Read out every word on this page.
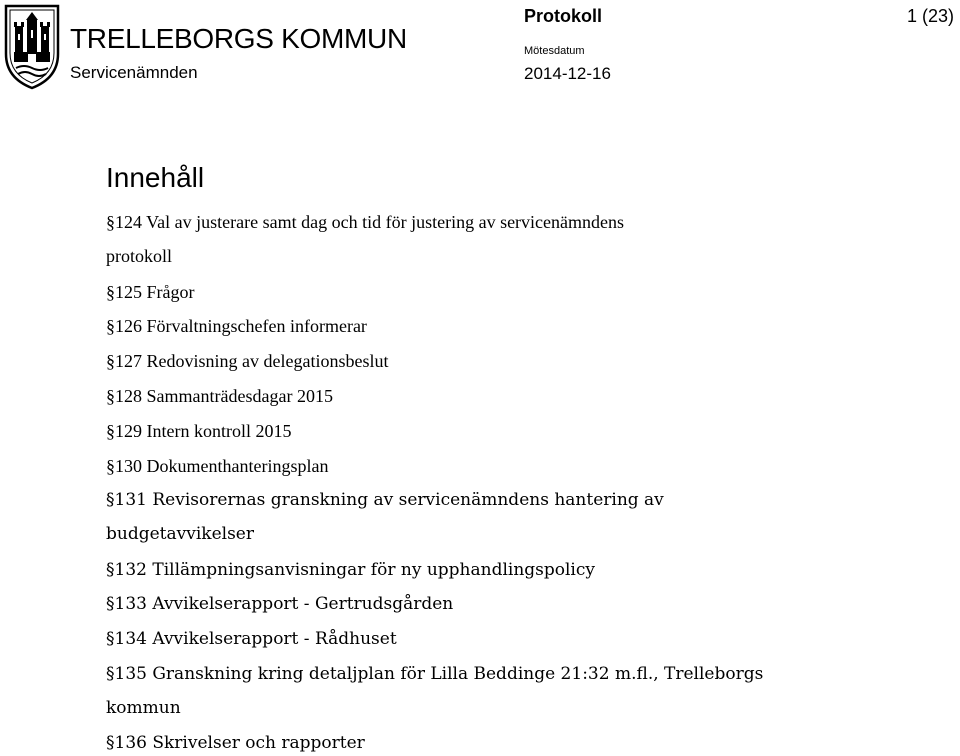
TRELLEBORGS KOMMUN
Servicenämnden
Protokoll	1 (23)
Mötesdatum
2014-12-16
Innehåll
§124 Val av justerare samt dag och tid för justering av servicenämndens
protokoll
§125 Frågor
§126 Förvaltningschefen informerar
§127 Redovisning av delegationsbeslut
§128 Sammanträdesdagar 2015
§129 Intern kontroll 2015
§130 Dokumenthanteringsplan
§131 Revisorernas granskning av servicenämndens hantering av
budgetavvikelser
§132 Tillämpningsanvisningar för ny upphandlingspolicy
§133 Avvikelserapport - Gertrudsgården
§134 Avvikelserapport - Rådhuset
§135 Granskning kring detaljplan för Lilla Beddinge 21:32 m.fl., Trelleborgs
kommun
§136 Skrivelser och rapporter
